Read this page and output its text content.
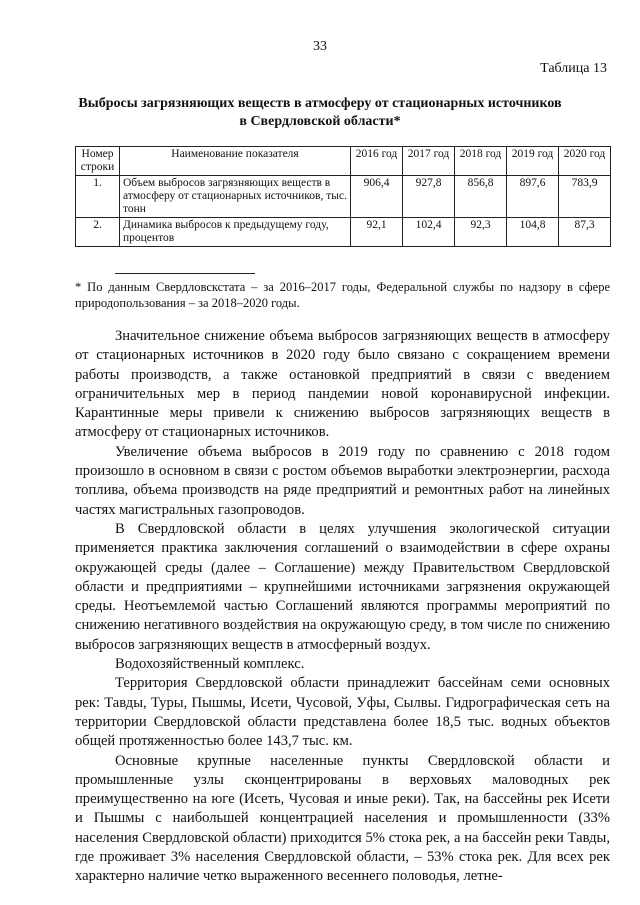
33
Таблица 13
Выбросы загрязняющих веществ в атмосферу от стационарных источников
в Свердловской области*
Номер строки	Наименование показателя	2016 год	2017 год	2018 год	2019 год	2020 год
1.	Объем выбросов загрязняющих веществ в атмосферу от стационарных источников, тыс. тонн	906,4	927,8	856,8	897,6	783,9
2.	Динамика выбросов к предыдущему году, процентов	92,1	102,4	92,3	104,8	87,3
* По данным Свердловскстата – за 2016–2017 годы, Федеральной службы по надзору в сфере природопользования – за 2018–2020 годы.

Значительное снижение объема выбросов загрязняющих веществ в атмосферу от стационарных источников в 2020 году было связано с сокращением времени работы производств, а также остановкой предприятий в связи с введением ограничительных мер в период пандемии новой коронавирусной инфекции. Карантинные меры привели к снижению выбросов загрязняющих веществ в атмосферу от стационарных источников.

Увеличение объема выбросов в 2019 году по сравнению с 2018 годом произошло в основном в связи с ростом объемов выработки электроэнергии, расхода топлива, объема производств на ряде предприятий и ремонтных работ на линейных частях магистральных газопроводов.

В Свердловской области в целях улучшения экологической ситуации применяется практика заключения соглашений о взаимодействии в сфере охраны окружающей среды (далее – Соглашение) между Правительством Свердловской области и предприятиями – крупнейшими источниками загрязнения окружающей среды. Неотъемлемой частью Соглашений являются программы мероприятий по снижению негативного воздействия на окружающую среду, в том числе по снижению выбросов загрязняющих веществ в атмосферный воздух.

Водохозяйственный комплекс.

Территория Свердловской области принадлежит бассейнам семи основных рек: Тавды, Туры, Пышмы, Исети, Чусовой, Уфы, Сылвы. Гидрографическая сеть на территории Свердловской области представлена более 18,5 тыс. водных объектов общей протяженностью более 143,7 тыс. км.

Основные крупные населенные пункты Свердловской области и промышленные узлы сконцентрированы в верховьях маловодных рек преимущественно на юге (Исеть, Чусовая и иные реки). Так, на бассейны рек Исети и Пышмы с наибольшей концентрацией населения и промышленности (33% населения Свердловской области) приходится 5% стока рек, а на бассейн реки Тавды, где проживает 3% населения Свердловской области, – 53% стока рек. Для всех рек характерно наличие четко выраженного весеннего половодья, летне-
